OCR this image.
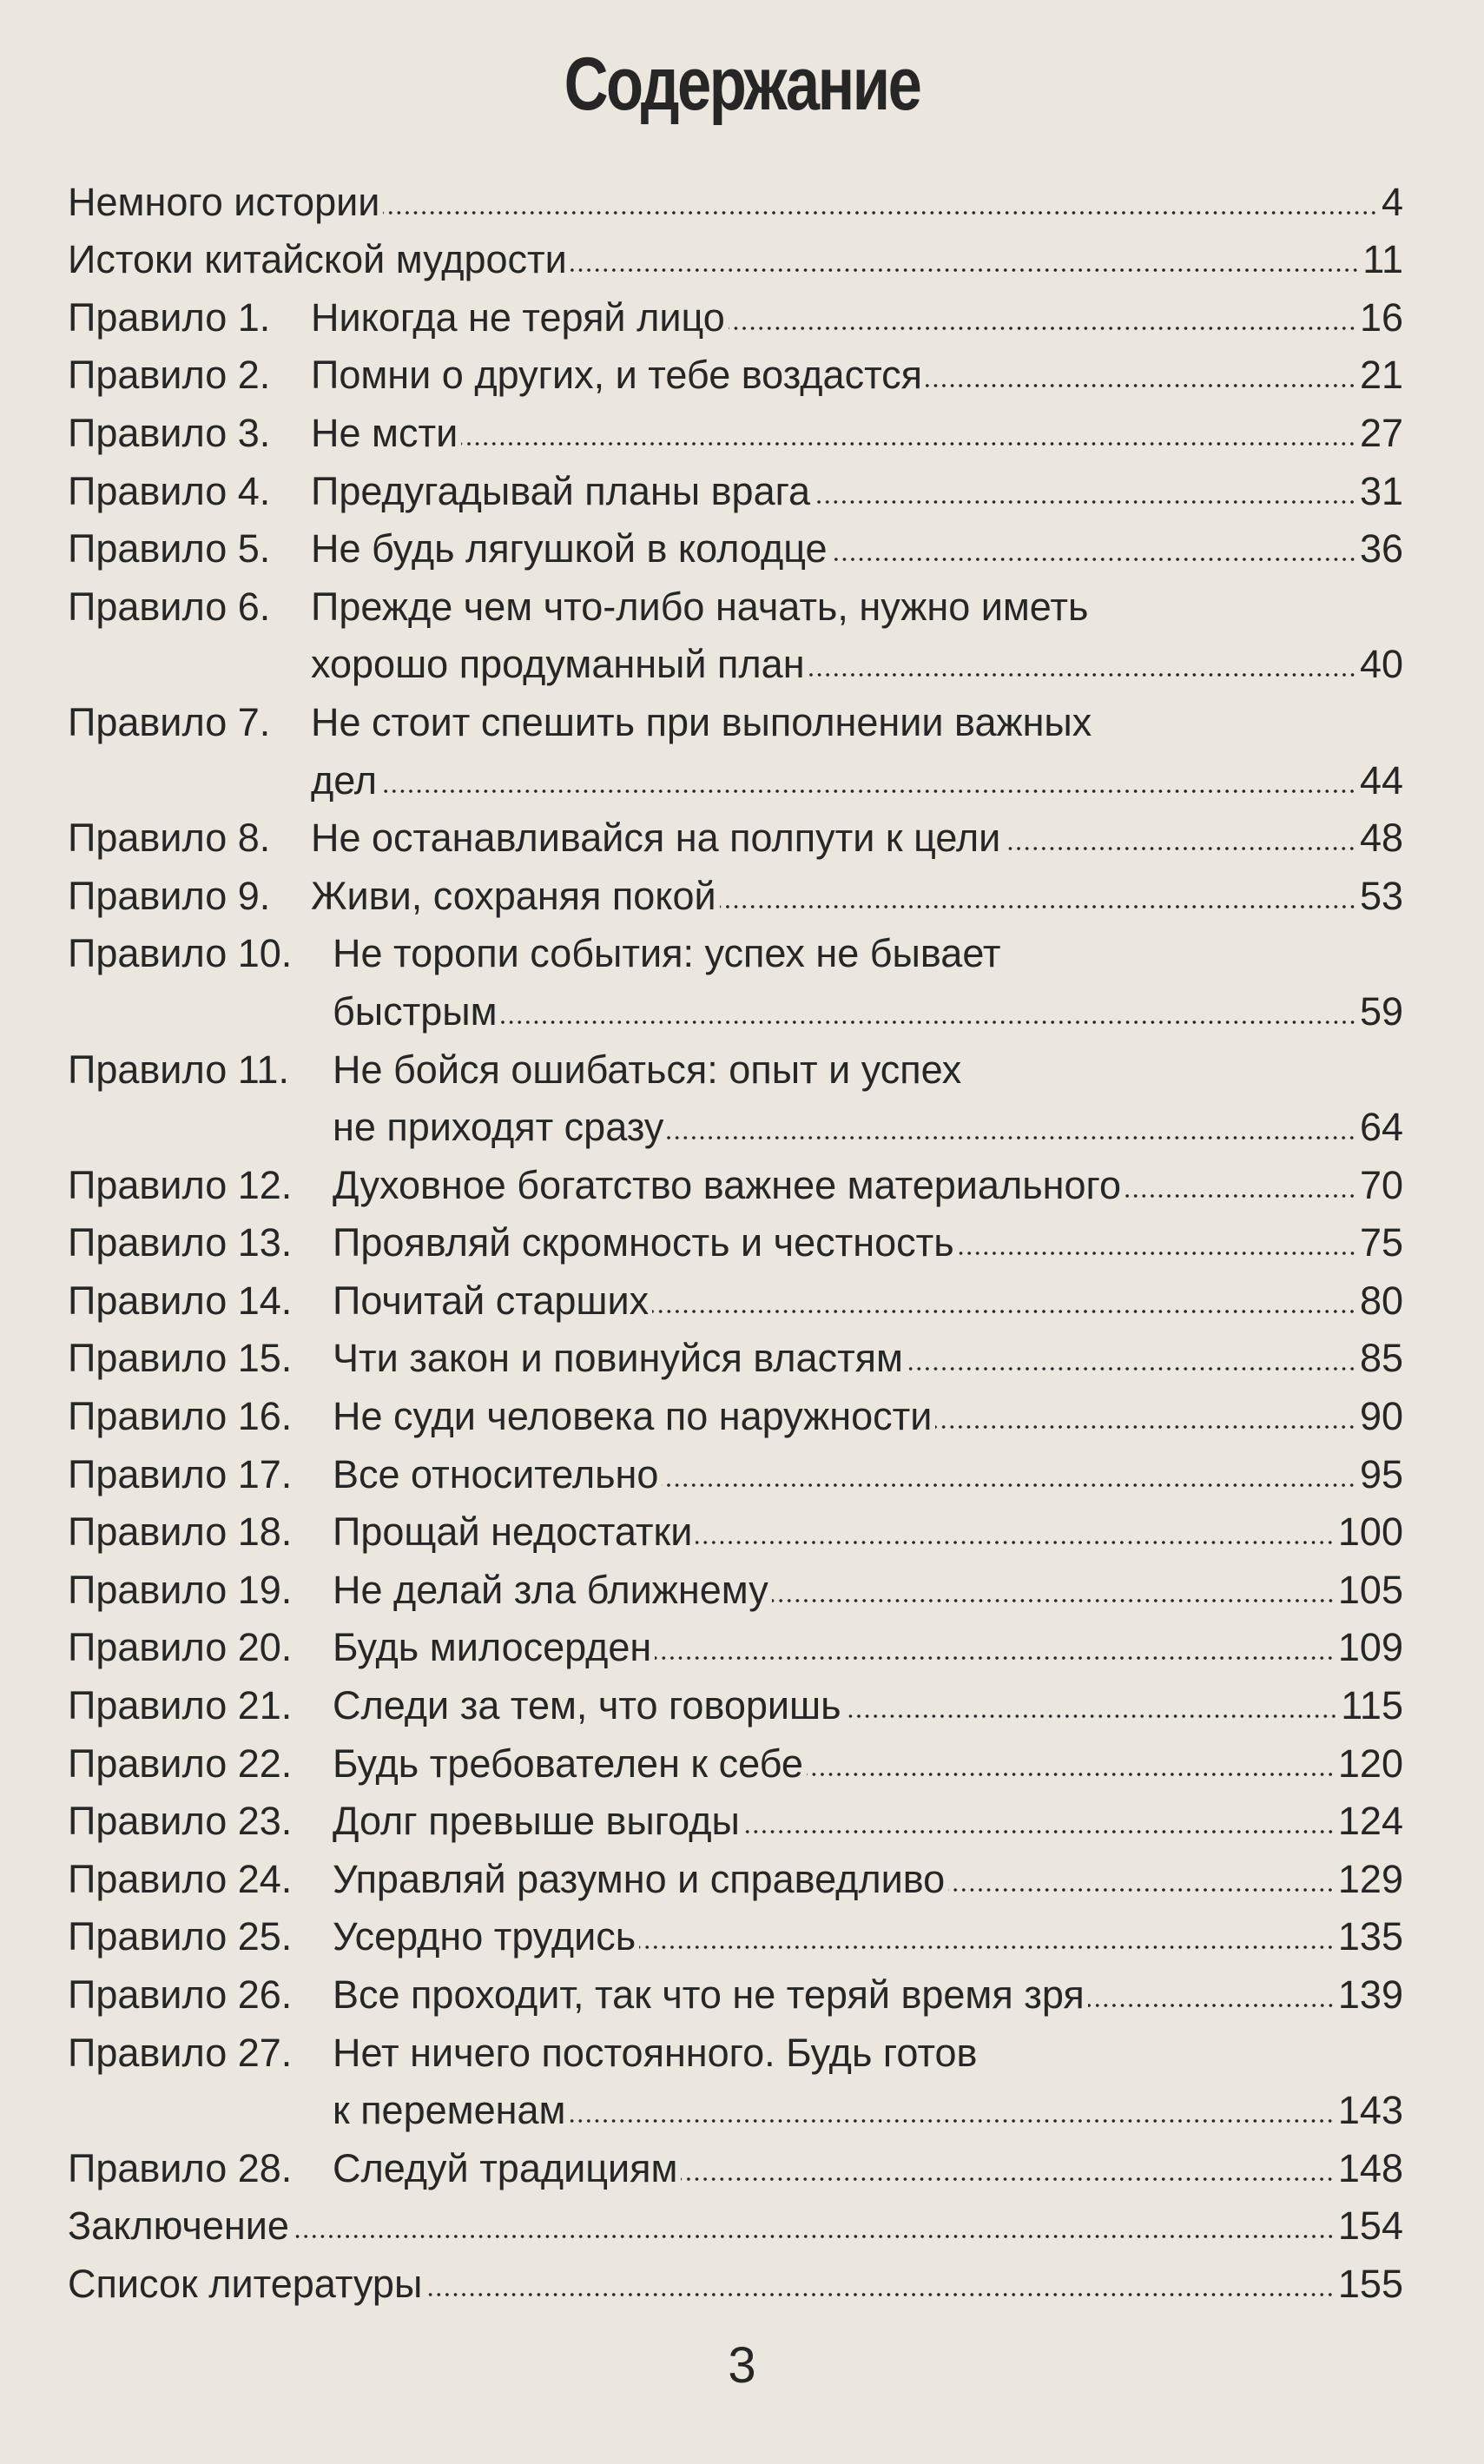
Содержание
Немного истории	4
Истоки китайской мудрости	11
Правило 1.	Никогда не теряй лицо	16
Правило 2.	Помни о других, и тебе воздастся	21
Правило 3.	Не мсти	27
Правило 4.	Предугадывай планы врага	31
Правило 5.	Не будь лягушкой в колодце	36
Правило 6.	Прежде чем что-либо начать, нужно иметь
хорошо продуманный план	40
Правило 7.	Не стоит спешить при выполнении важных
дел	44
Правило 8.	Не останавливайся на полпути к цели	48
Правило 9.	Живи, сохраняя покой	53
Правило 10.	Не торопи события: успех не бывает
быстрым	59
Правило 11.	Не бойся ошибаться: опыт и успех
не приходят сразу	64
Правило 12.	Духовное богатство важнее материального	70
Правило 13.	Проявляй скромность и честность	75
Правило 14.	Почитай старших	80
Правило 15.	Чти закон и повинуйся властям	85
Правило 16.	Не суди человека по наружности	90
Правило 17.	Все относительно	95
Правило 18.	Прощай недостатки	100
Правило 19.	Не делай зла ближнему	105
Правило 20.	Будь милосерден	109
Правило 21.	Следи за тем, что говоришь	115
Правило 22.	Будь требователен к себе	120
Правило 23.	Долг превыше выгоды	124
Правило 24.	Управляй разумно и справедливо	129
Правило 25.	Усердно трудись	135
Правило 26.	Все проходит, так что не теряй время зря	139
Правило 27.	Нет ничего постоянного. Будь готов
к переменам	143
Правило 28.	Следуй традициям	148
Заключение	154
Список литературы	155
3
